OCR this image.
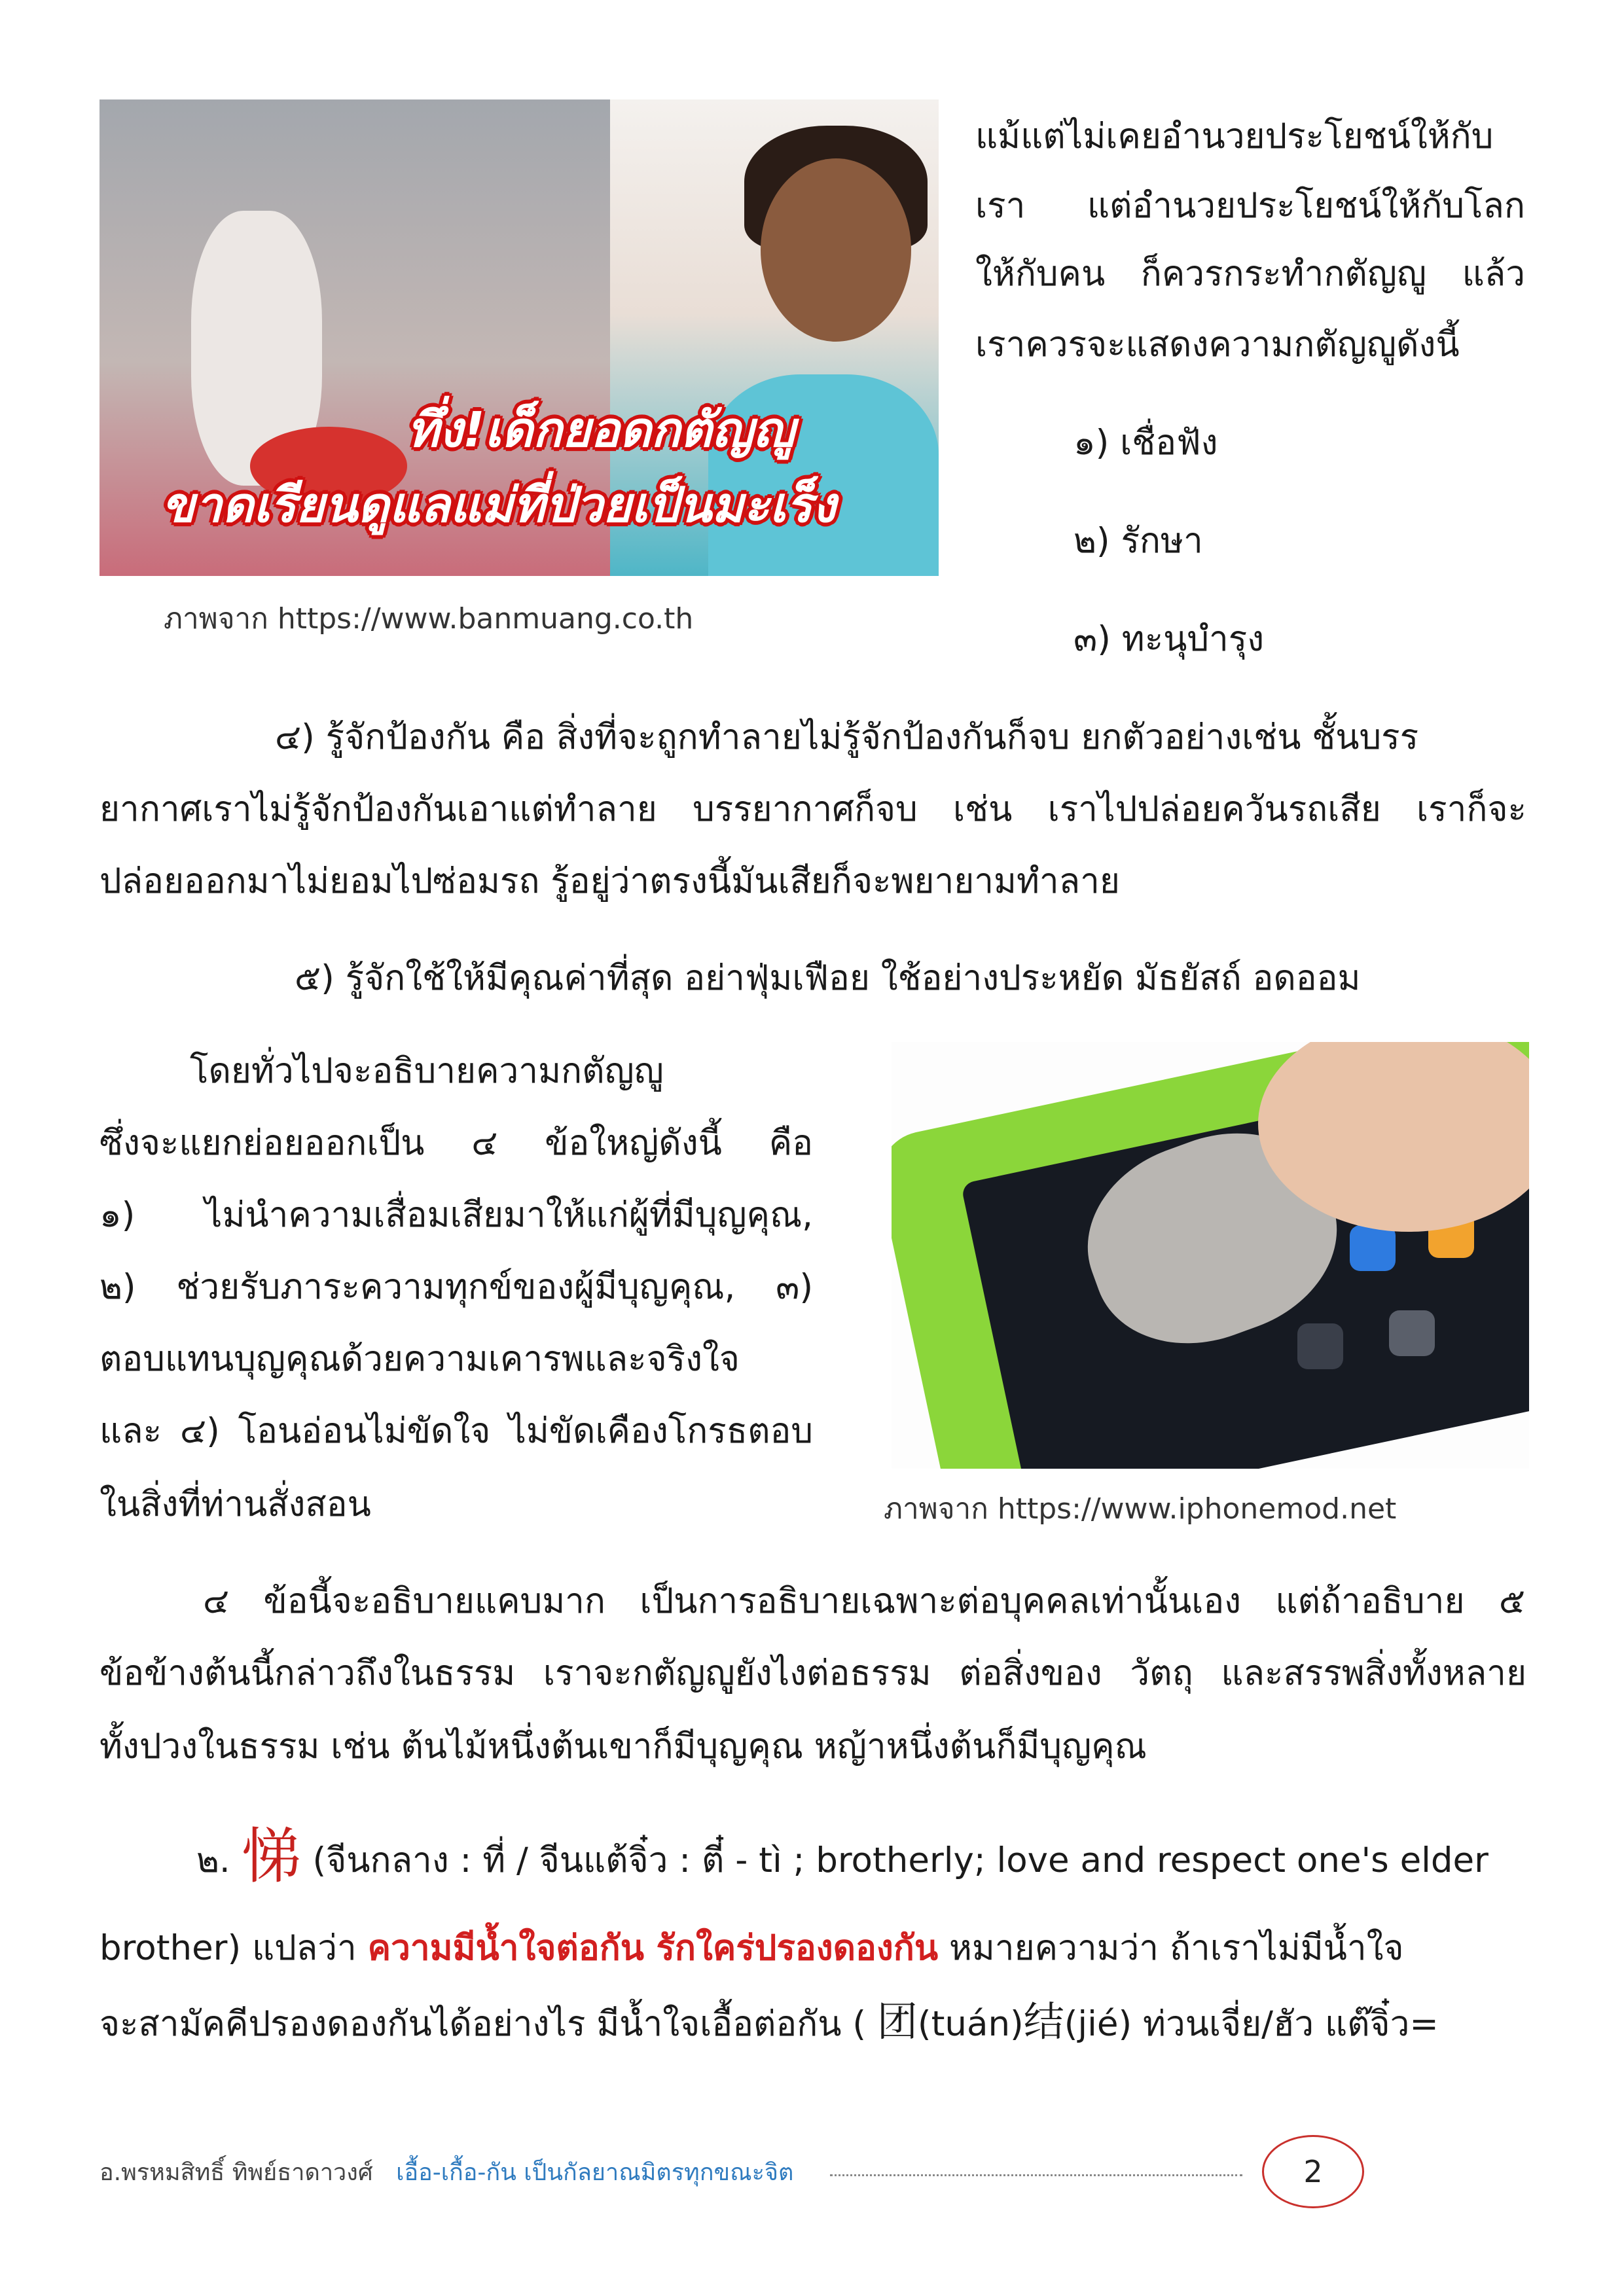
ทึ่ง!เด็กยอดกตัญญู
ขาดเรียนดูแลแม่ที่ป่วยเป็นมะเร็ง
ภาพจาก https://www.banmuang.co.th

แม้แต่ไม่เคยอำนวยประโยชน์ให้กับ

เรา แต่อำนวยประโยชน์ให้กับโลก

ให้กับคน ก็ควรกระทำกตัญญู แล้ว

เราควรจะแสดงความกตัญญูดังนี้

๑) เชื่อฟัง

๒) รักษา

๓) ทะนุบำรุง

๔) รู้จักป้องกัน คือ สิ่งที่จะถูกทำลายไม่รู้จักป้องกันก็จบ ยกตัวอย่างเช่น ชั้นบรร

ยากาศเราไม่รู้จักป้องกันเอาแต่ทำลาย บรรยากาศก็จบ เช่น เราไปปล่อยควันรถเสีย เราก็จะ

ปล่อยออกมาไม่ยอมไปซ่อมรถ รู้อยู่ว่าตรงนี้มันเสียก็จะพยายามทำลาย

๕) รู้จักใช้ให้มีคุณค่าที่สุด อย่าฟุ่มเฟือย ใช้อย่างประหยัด มัธยัสถ์ อดออม

โดยทั่วไปจะอธิบายความกตัญญู

ซึ่งจะแยกย่อยออกเป็น ๔ ข้อใหญ่ดังนี้ คือ

๑) ไม่นำความเสื่อมเสียมาให้แก่ผู้ที่มีบุญคุณ,

๒) ช่วยรับภาระความทุกข์ของผู้มีบุญคุณ, ๓)

ตอบแทนบุญคุณด้วยความเคารพและจริงใจ

และ ๔) โอนอ่อนไม่ขัดใจ ไม่ขัดเคืองโกรธตอบ

ในสิ่งที่ท่านสั่งสอน	ภาพจาก https://www.iphonemod.net

๔ ข้อนี้จะอธิบายแคบมาก เป็นการอธิบายเฉพาะต่อบุคคลเท่านั้นเอง แต่ถ้าอธิบาย ๕

ข้อข้างต้นนี้กล่าวถึงในธรรม เราจะกตัญญูยังไงต่อธรรม ต่อสิ่งของ วัตถุ และสรรพสิ่งทั้งหลาย

ทั้งปวงในธรรม เช่น ต้นไม้หนึ่งต้นเขาก็มีบุญคุณ หญ้าหนึ่งต้นก็มีบุญคุณ

๒. 悌 (จีนกลาง : ที่ / จีนแต้จิ๋ว : ตี๋ - tì ; brotherly; love and respect one's elder

brother) แปลว่า ความมีน้ำใจต่อกัน รักใคร่ปรองดองกัน หมายความว่า ถ้าเราไม่มีน้ำใจ

จะสามัคคีปรองดองกันได้อย่างไร มีน้ำใจเอื้อต่อกัน ( 团(tuán)结(jié) ท่วนเจี่ย/ฮัว แต๊จิ๋ว=

อ.พรหมสิทธิ์ ทิพย์ธาดาวงศ์ เอื้อ-เกื้อ-กัน เป็นกัลยาณมิตรทุกขณะจิต	2
